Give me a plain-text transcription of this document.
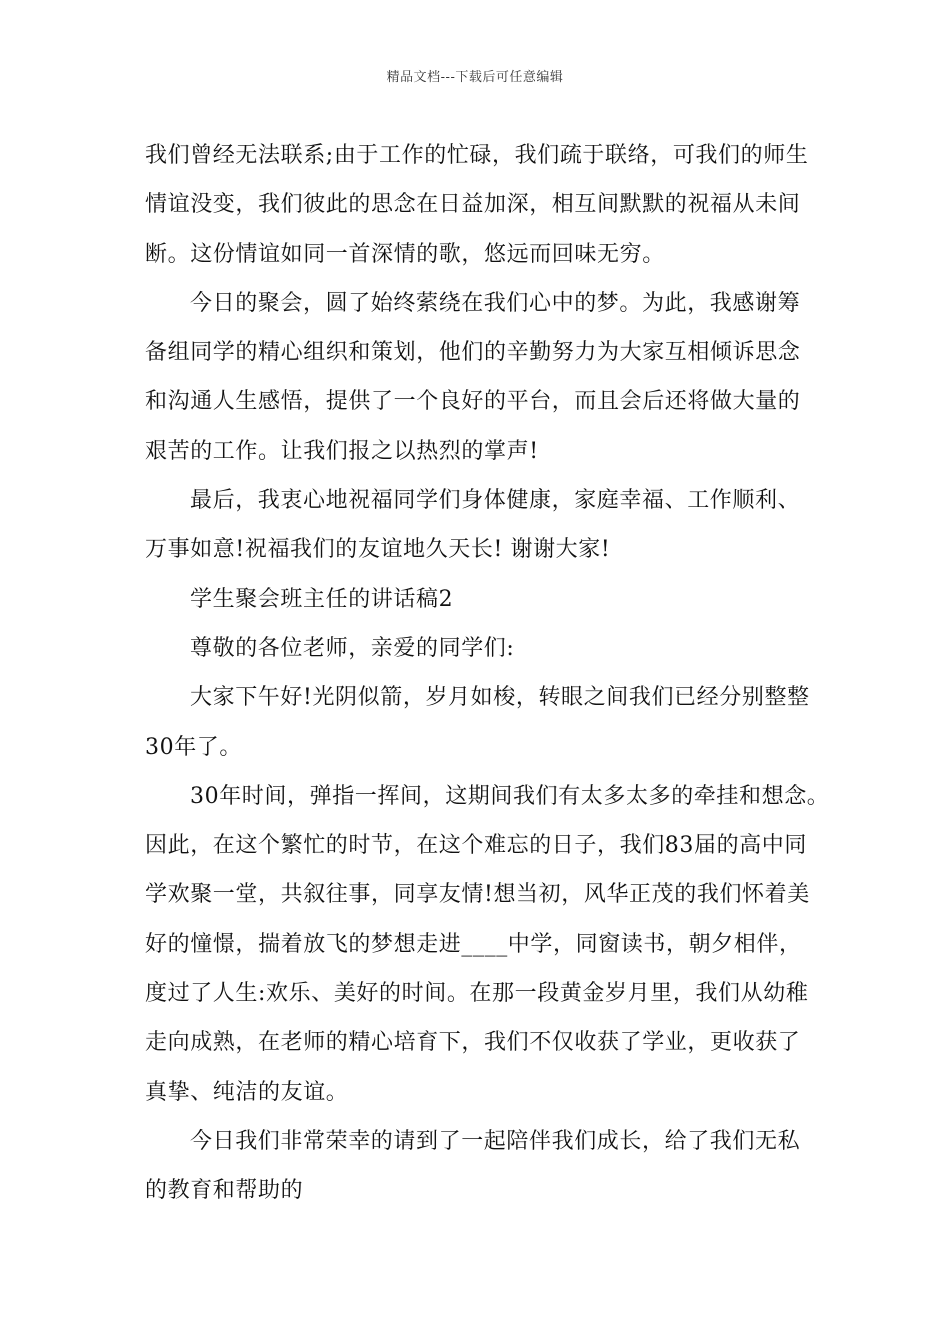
精品文档---下载后可任意编辑
我们曾经无法联系;由于工作的忙碌，我们疏于联络，可我们的师生
情谊没变，我们彼此的思念在日益加深，相互间默默的祝福从未间
断。这份情谊如同一首深情的歌，悠远而回味无穷。
今日的聚会，圆了始终萦绕在我们心中的梦。为此，我感谢筹
备组同学的精心组织和策划，他们的辛勤努力为大家互相倾诉思念
和沟通人生感悟，提供了一个良好的平台，而且会后还将做大量的
艰苦的工作。让我们报之以热烈的掌声!
最后，我衷心地祝福同学们身体健康，家庭幸福、工作顺利、
万事如意!祝福我们的友谊地久天长! 谢谢大家!
学生聚会班主任的讲话稿2
尊敬的各位老师，亲爱的同学们:
大家下午好!光阴似箭，岁月如梭，转眼之间我们已经分别整整
30年了。
30年时间，弹指一挥间，这期间我们有太多太多的牵挂和想念。
因此，在这个繁忙的时节，在这个难忘的日子，我们83届的高中同
学欢聚一堂，共叙往事，同享友情!想当初，风华正茂的我们怀着美
好的憧憬，揣着放飞的梦想走进____中学，同窗读书，朝夕相伴，
度过了人生:欢乐、美好的时间。在那一段黄金岁月里，我们从幼稚
走向成熟，在老师的精心培育下，我们不仅收获了学业，更收获了
真挚、纯洁的友谊。
今日我们非常荣幸的请到了一起陪伴我们成长，给了我们无私
的教育和帮助的
